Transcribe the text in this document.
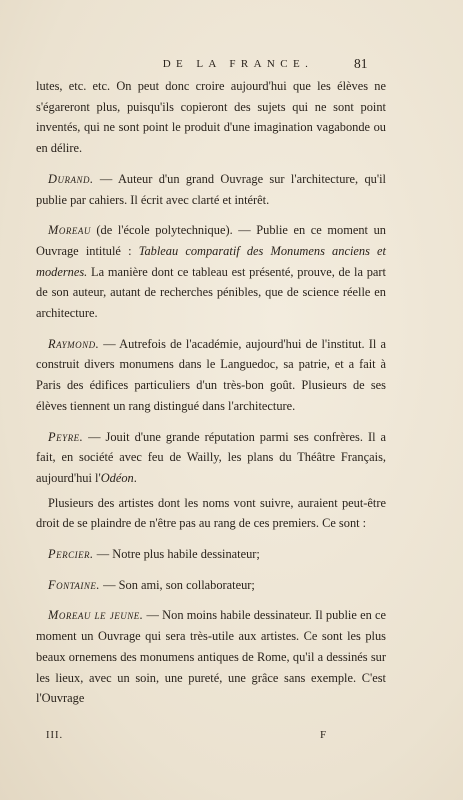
DE LA FRANCE.	81

lutes, etc. etc. On peut donc croire aujourd'hui que les élèves ne s'égareront plus, puisqu'ils copieront des sujets qui ne sont point inventés, qui ne sont point le produit d'une imagination vagabonde ou en délire.

Durand. — Auteur d'un grand Ouvrage sur l'architecture, qu'il publie par cahiers. Il écrit avec clarté et intérêt.

Moreau (de l'école polytechnique). — Publie en ce moment un Ouvrage intitulé : Tableau comparatif des Monumens anciens et modernes. La manière dont ce tableau est présenté, prouve, de la part de son auteur, autant de recherches pénibles, que de science réelle en architecture.

Raymond. — Autrefois de l'académie, aujourd'hui de l'institut. Il a construit divers monumens dans le Languedoc, sa patrie, et a fait à Paris des édifices particuliers d'un très-bon goût. Plusieurs de ses élèves tiennent un rang distingué dans l'architecture.

Peyre. — Jouit d'une grande réputation parmi ses confrères. Il a fait, en société avec feu de Wailly, les plans du Théâtre Français, aujourd'hui l'Odéon.

Plusieurs des artistes dont les noms vont suivre, auraient peut-être droit de se plaindre de n'être pas au rang de ces premiers. Ce sont :

Percier. — Notre plus habile dessinateur;

Fontaine. — Son ami, son collaborateur;

Moreau le jeune. — Non moins habile dessinateur. Il publie en ce moment un Ouvrage qui sera très-utile aux artistes. Ce sont les plus beaux ornemens des monumens antiques de Rome, qu'il a dessinés sur les lieux, avec un soin, une pureté, une grâce sans exemple. C'est l'Ouvrage

III.	F
